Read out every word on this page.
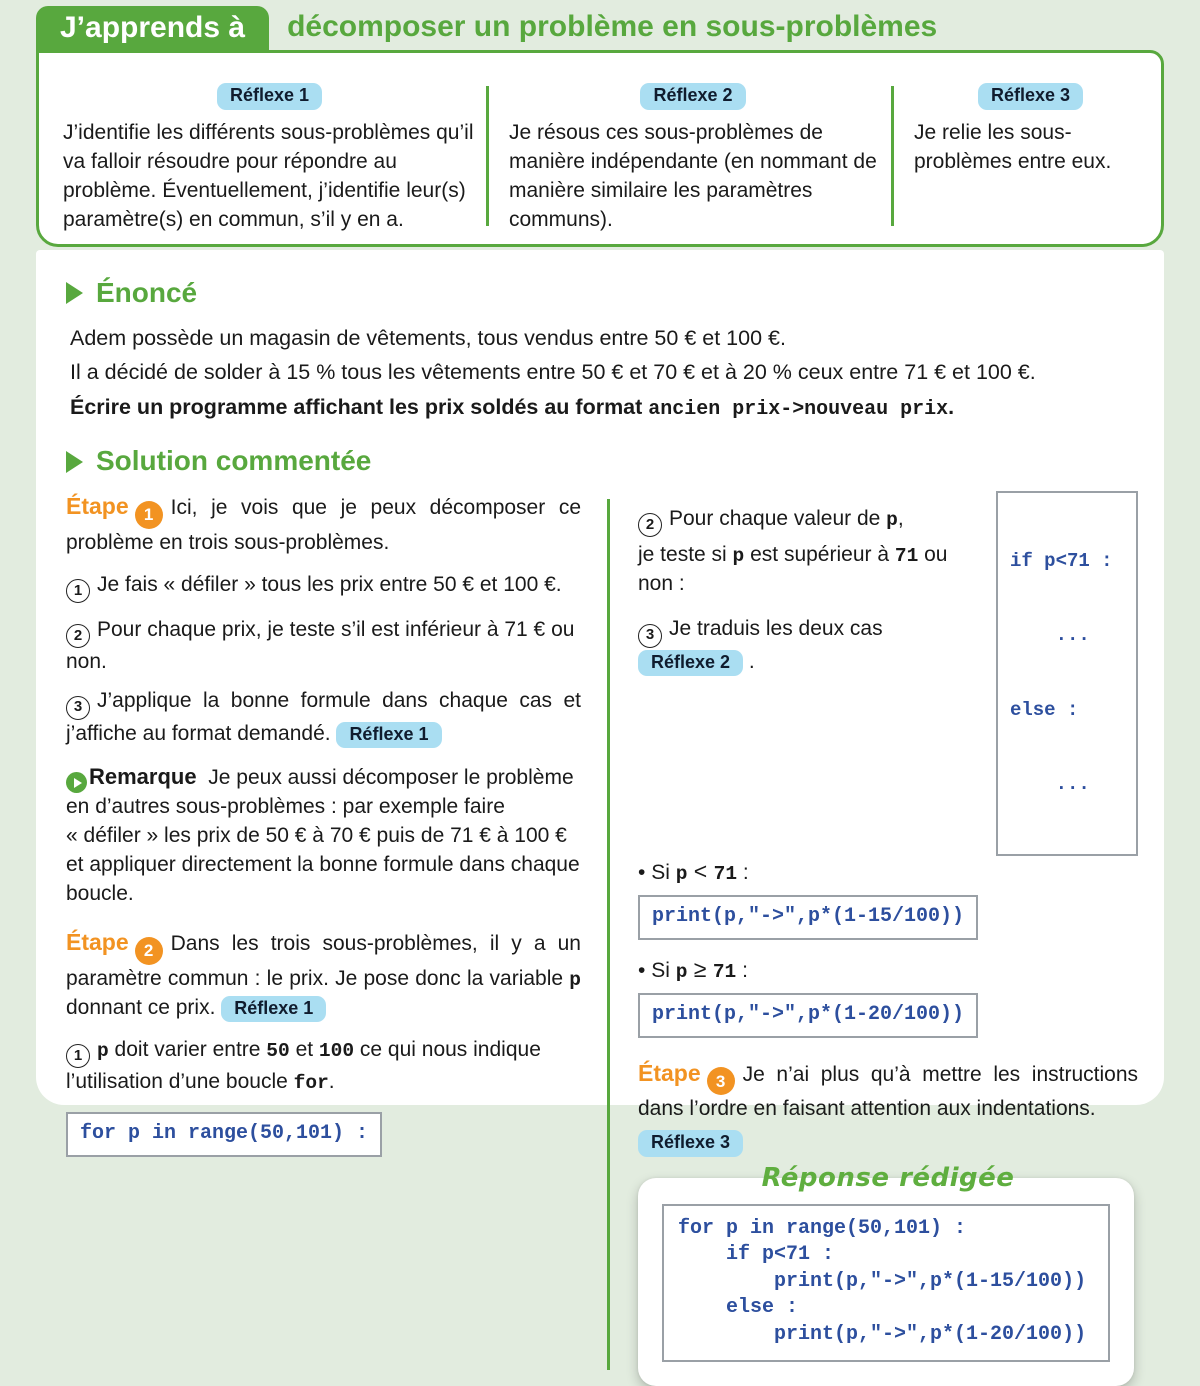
J’apprends à	décomposer un problème en sous-problèmes
Réflexe 1

J’identifie les différents sous-problèmes qu’il va falloir résoudre pour répondre au problème. Éventuellement, j’identifie leur(s) paramètre(s) en commun, s’il y en a.

Réflexe 2

Je résous ces sous-problèmes de manière indépendante (en nommant de manière similaire les paramètres communs).

Réflexe 3

Je relie les sous-problèmes entre eux.

Énoncé
Adem possède un magasin de vêtements, tous vendus entre 50 € et 100 €.
Il a décidé de solder à 15 % tous les vêtements entre 50 € et 70 € et à 20 % ceux entre 71 € et 100 €.
Écrire un programme affichant les prix soldés au format ancien prix->nouveau prix.
Solution commentée

Étape 1 Ici, je vois que je peux décomposer ce problème en trois sous-problèmes.

1 Je fais « défiler » tous les prix entre 50 € et 100 €.

2 Pour chaque prix, je teste s’il est inférieur à 71 € ou non.

3 J’applique la bonne formule dans chaque cas et j’affiche au format demandé. Réflexe 1

Remarque Je peux aussi décomposer le problème en d’autres sous-problèmes : par exemple faire « défiler » les prix de 50 € à 70 € puis de 71 € à 100 € et appliquer directement la bonne formule dans chaque boucle.

Étape 2 Dans les trois sous-problèmes, il y a un paramètre commun : le prix. Je pose donc la variable p donnant ce prix. Réflexe 1

1 p doit varier entre 50 et 100 ce qui nous indique l’utilisation d’une boucle for.

for p in range(50,101) :

2 Pour chaque valeur de p,

je teste si p est supérieur à 71 ou non :

3 Je traduis les deux cas Réflexe 2 .

if p<71 :

...

else :

...

• Si p < 71 :
print(p,"->",p*(1-15/100))
• Si p ≥ 71 :
print(p,"->",p*(1-20/100))

Étape 3 Je n’ai plus qu’à mettre les instructions dans l’ordre en faisant attention aux indentations.

Réflexe 3
Réponse rédigée
for p in range(50,101) :
if p<71 :
print(p,"->",p*(1-15/100))
else :
print(p,"->",p*(1-20/100))
